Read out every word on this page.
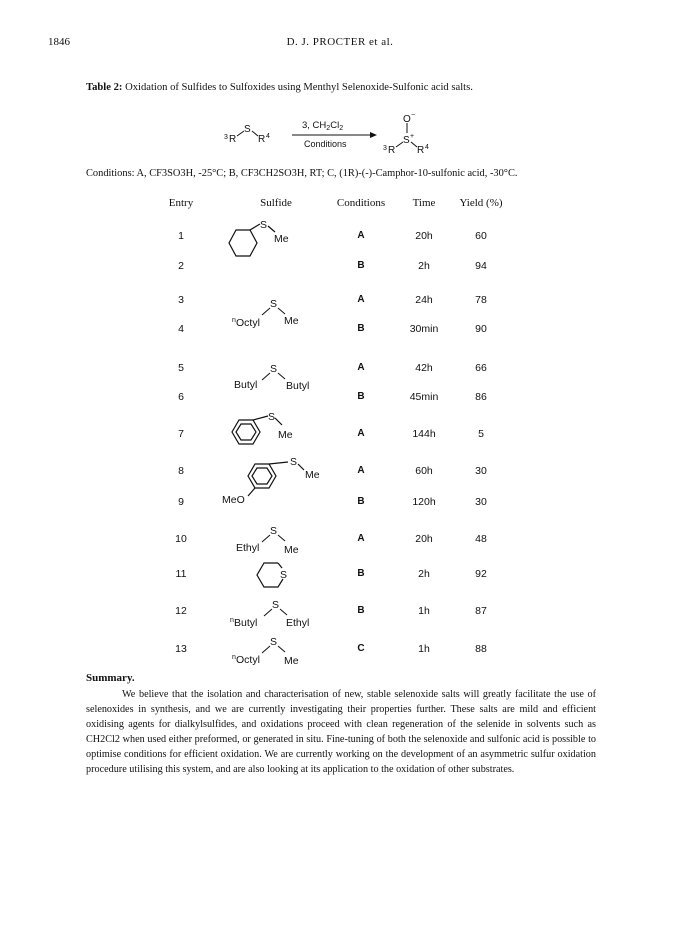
1846	D. J. PROCTER et al.
Table 2: Oxidation of Sulfides to Sulfoxides using Menthyl Selenoxide-Sulfonic acid salts.
3 R
S
R 4
3, $CH_2Cl_2$
Conditions	3 R
S +
R 4
O −
Conditions: A, CF3SO3H, -25°C; B, CF3CH2SO3H, RT; C, (1R)-(-)-Camphor-10-sulfonic acid, -30°C.
Entry	Sulfide	Conditions Time Yield (%)
1	A	20h	60
2	B	2h	94
3	A	24h	78
4	B	30min	90
5	A	42h	66
6	B	45min	86
7	A	144h	5
8	A	60h	30
9	B	120h	30
10	A	20h	48
11	B	2h	92
12	B	1h	87
13	C	1h	88
S
Me
n Octyl
S
Me
Butyl
S
Butyl
S
Me
S
Me
MeO
Ethyl
S
Me
S
n Butyl
S
Ethyl
n Octyl
S
Me
Summary.
We believe that the isolation and characterisation of new, stable selenoxide salts will greatly facilitate the use of selenoxides in synthesis, and we are currently investigating their properties further. These salts are mild and efficient oxidising agents for dialkylsulfides, and oxidations proceed with clean regeneration of the selenide in solvents such as CH2Cl2 when used either preformed, or generated in situ. Fine-tuning of both the selenoxide and sulfonic acid is possible to optimise conditions for efficient oxidation. We are currently working on the development of an asymmetric sulfur oxidation procedure utilising this system, and are also looking at its application to the oxidation of other substrates.
